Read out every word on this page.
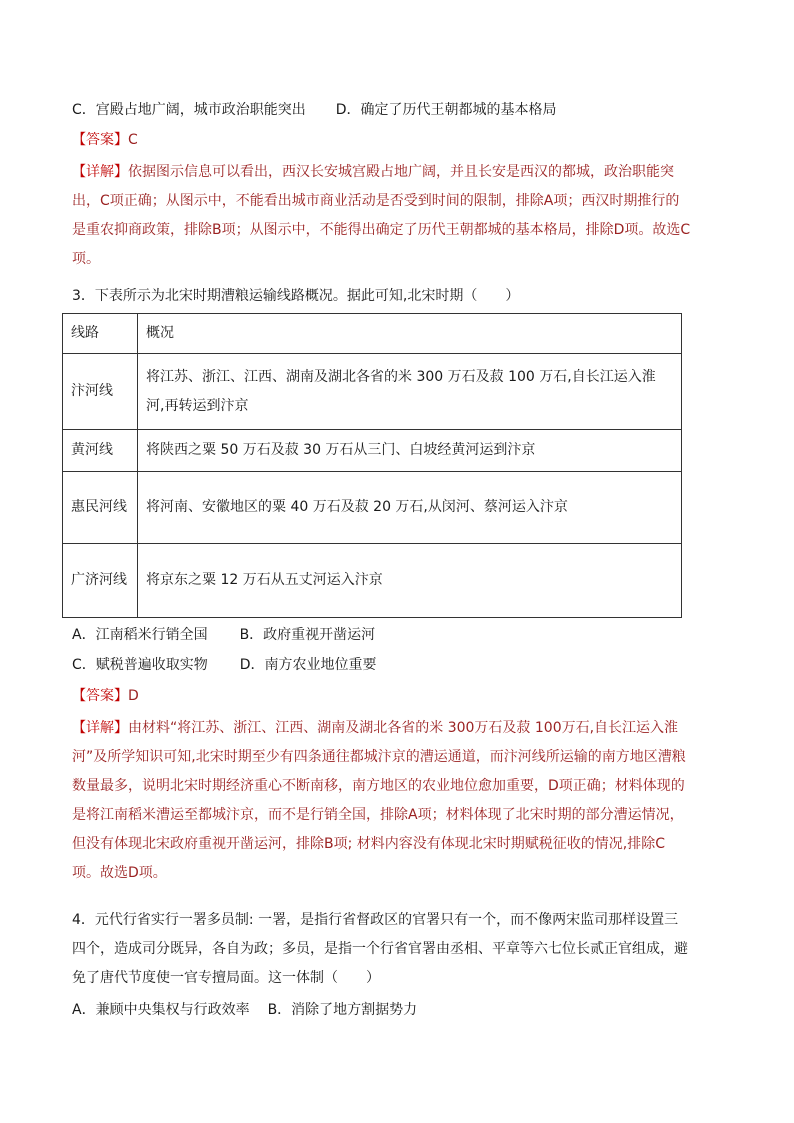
C．宫殿占地广阔，城市政治职能突出 D．确定了历代王朝都城的基本格局
【答案】C

【详解】依据图示信息可以看出，西汉长安城宫殿占地广阔，并且长安是西汉的都城，政治职能突出，C项正确；从图示中，不能看出城市商业活动是否受到时间的限制，排除A项；西汉时期推行的是重农抑商政策，排除B项；从图示中，不能得出确定了历代王朝都城的基本格局，排除D项。故选C项。

3．下表所示为北宋时期漕粮运输线路概况。据此可知,北宋时期（　　）
线路	概况
汴河线	将江苏、浙江、江西、湖南及湖北各省的米 300 万石及菽 100 万石,自长江运入淮河,再转运到汴京
黄河线	将陕西之粟 50 万石及菽 30 万石从三门、白坡经黄河运到汴京
惠民河线	将河南、安徽地区的粟 40 万石及菽 20 万石,从闵河、蔡河运入汴京
广济河线	将京东之粟 12 万石从五丈河运入汴京
A．江南稻米行销全国 B．政府重视开凿运河
C．赋税普遍收取实物 D．南方农业地位重要
【答案】D

【详解】由材料“将江苏、浙江、江西、湖南及湖北各省的米 300万石及菽 100万石,自长江运入淮河”及所学知识可知,北宋时期至少有四条通往都城汴京的漕运通道，而汴河线所运输的南方地区漕粮数量最多，说明北宋时期经济重心不断南移，南方地区的农业地位愈加重要，D项正确；材料体现的是将江南稻米漕运至都城汴京，而不是行销全国，排除A项；材料体现了北宋时期的部分漕运情况，但没有体现北宋政府重视开凿运河，排除B项; 材料内容没有体现北宋时期赋税征收的情况,排除C项。故选D项。

4．元代行省实行一署多员制: 一署，是指行省督政区的官署只有一个，而不像两宋监司那样设置三四个，造成司分既异，各自为政；多员，是指一个行省官署由丞相、平章等六七位长贰正官组成，避免了唐代节度使一官专擅局面。这一体制（　　）

A．兼顾中央集权与行政效率 B．消除了地方割据势力
